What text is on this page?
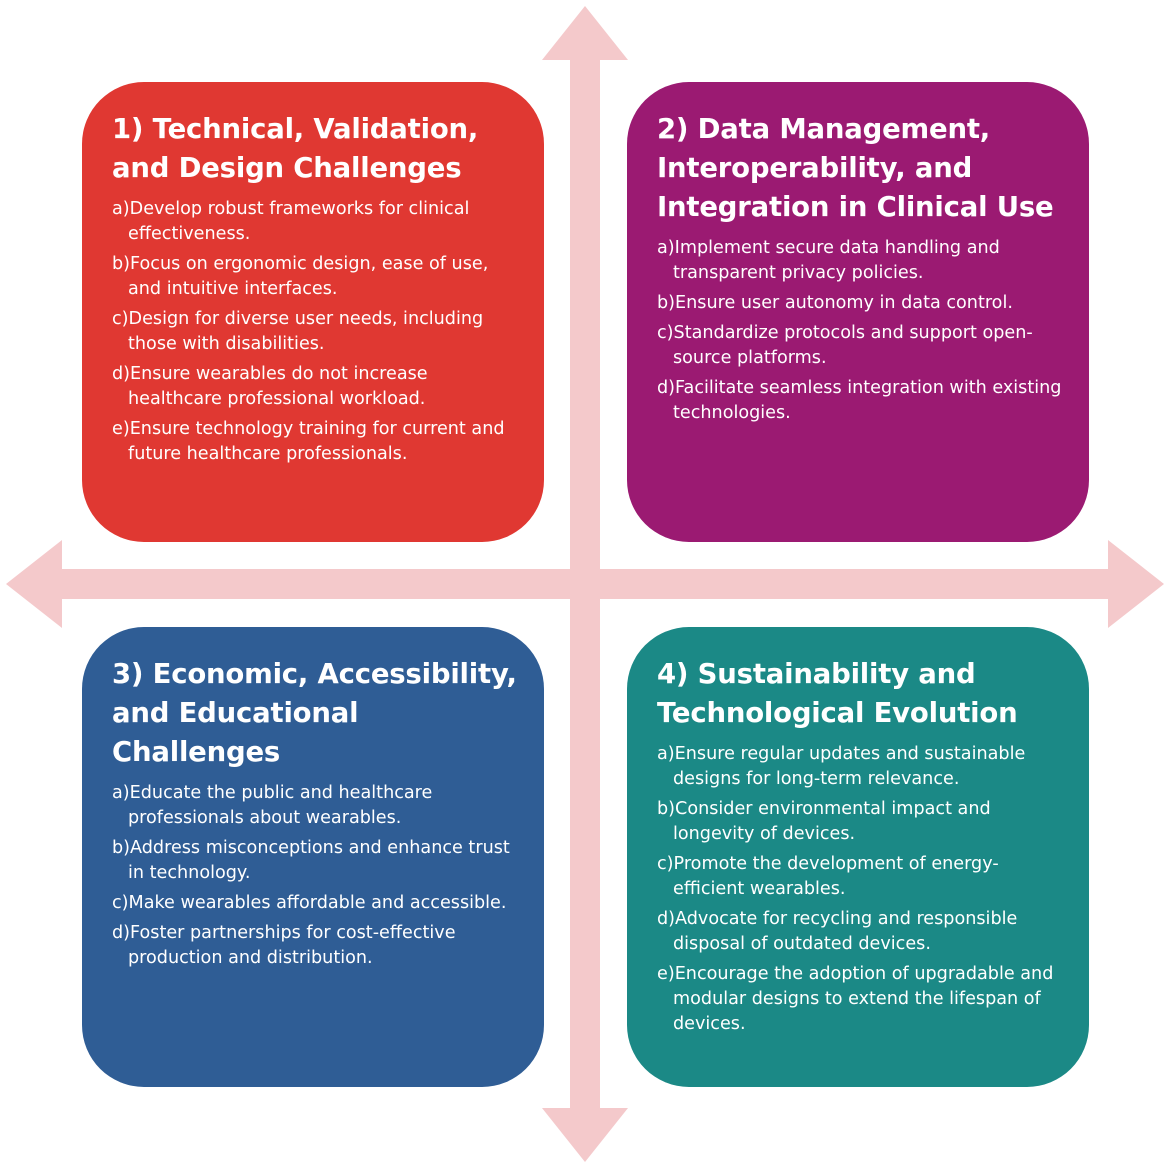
1) Technical, Validation, and Design Challenges
a)Develop robust frameworks for clinical effectiveness.
b)Focus on ergonomic design, ease of use, and intuitive interfaces.
c)Design for diverse user needs, including those with disabilities.
d)Ensure wearables do not increase healthcare professional workload.
e)Ensure technology training for current and future healthcare professionals.
2) Data Management, Interoperability, and Integration in Clinical Use
a)Implement secure data handling and transparent privacy policies.
b)Ensure user autonomy in data control.
c)Standardize protocols and support open-source platforms.
d)Facilitate seamless integration with existing technologies.
3) Economic, Accessibility, and Educational Challenges
a)Educate the public and healthcare professionals about wearables.
b)Address misconceptions and enhance trust in technology.
c)Make wearables affordable and accessible.
d)Foster partnerships for cost-effective production and distribution.
4) Sustainability and Technological Evolution
a)Ensure regular updates and sustainable designs for long-term relevance.
b)Consider environmental impact and longevity of devices.
c)Promote the development of energy-efficient wearables.
d)Advocate for recycling and responsible disposal of outdated devices.
e)Encourage the adoption of upgradable and modular designs to extend the lifespan of devices.
